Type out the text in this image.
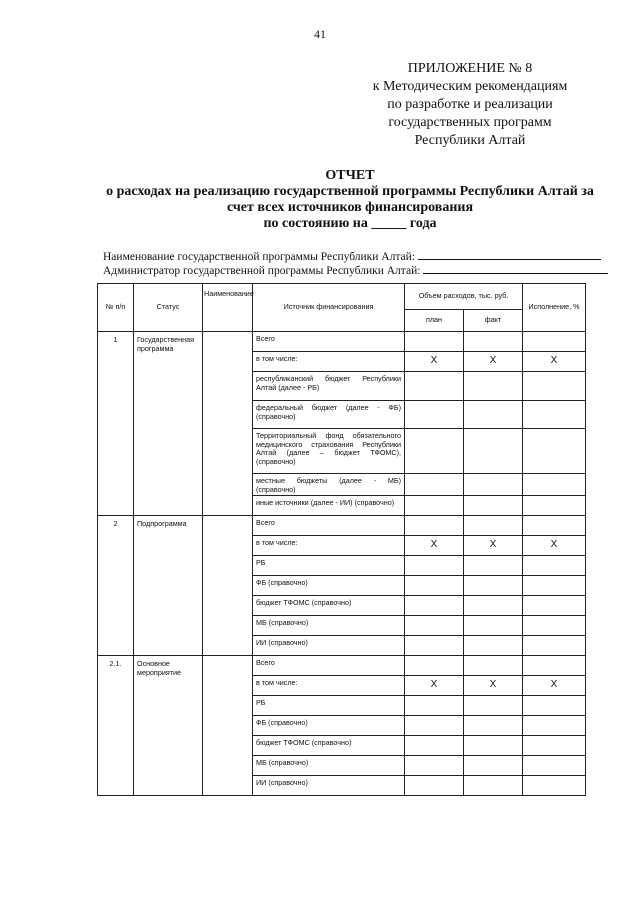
41
ПРИЛОЖЕНИЕ № 8
к Методическим рекомендациям
по разработке и реализации
государственных программ
Республики Алтай
ОТЧЕТ
о расходах на реализацию государственной программы Республики Алтай за
счет всех источников финансирования
по состоянию на _____ года
Наименование государственной программы Республики Алтай:
Администратор государственной программы Республики Алтай:
№ п/п	Статус	Наименование	Источник финансирования	Объем расходов, тыс. руб.		Исполнение, %
				план	факт	
1	Государственная программа		Всего			
			в том числе:	X	X	X
			республиканский бюджет Республики Алтай (далее - РБ)			
			федеральный бюджет (далее - ФБ) (справочно)			
			Территориальный фонд обязательного медицинского страхования Республики Алтай (далее – бюджет ТФОМС), (справочно)			
			местные бюджеты (далее - МБ) (справочно)			
			иные источники (далее - ИИ) (справочно)			
2	Подпрограмма		Всего			
			в том числе:	X	X	X
			РБ			
			ФБ (справочно)			
			бюджет ТФОМС (справочно)			
			МБ (справочно)			
			ИИ (справочно)			
2.1.	Основное мероприятие		Всего			
			в том числе:	X	X	X
			РБ			
			ФБ (справочно)			
			бюджет ТФОМС (справочно)			
			МБ (справочно)			
			ИИ (справочно)			
